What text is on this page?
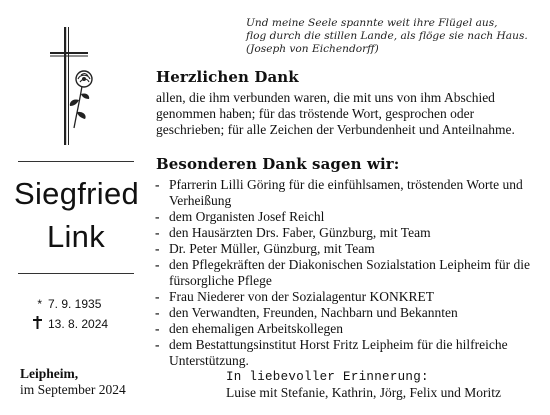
Und meine Seele spannte weit ihre Flügel aus,
flog durch die stillen Lande, als flöge sie nach Haus.
(Joseph von Eichendorff)
Siegfried
Link
* 7. 9. 1935
13. 8. 2024
Leipheim,
im September 2024
Herzlichen Dank
allen, die ihm verbunden waren, die mit uns von ihm Abschied genommen haben; für das tröstende Wort, gesprochen oder geschrieben; für alle Zeichen der Verbundenheit und Anteilnahme.
Besonderen Dank sagen wir:
- Pfarrerin Lilli Göring für die einfühlsamen, tröstenden Worte und Verheißung
- dem Organisten Josef Reichl
- den Hausärzten Drs. Faber, Günzburg, mit Team
- Dr. Peter Müller, Günzburg, mit Team
- den Pflegekräften der Diakonischen Sozialstation Leipheim für die fürsorgliche Pflege
- Frau Niederer von der Sozialagentur KONKRET
- den Verwandten, Freunden, Nachbarn und Bekannten
- den ehemaligen Arbeitskollegen
- dem Bestattungsinstitut Horst Fritz Leipheim für die hilfreiche Unterstützung.
In liebevoller Erinnerung:
Luise mit Stefanie, Kathrin, Jörg, Felix und Moritz
